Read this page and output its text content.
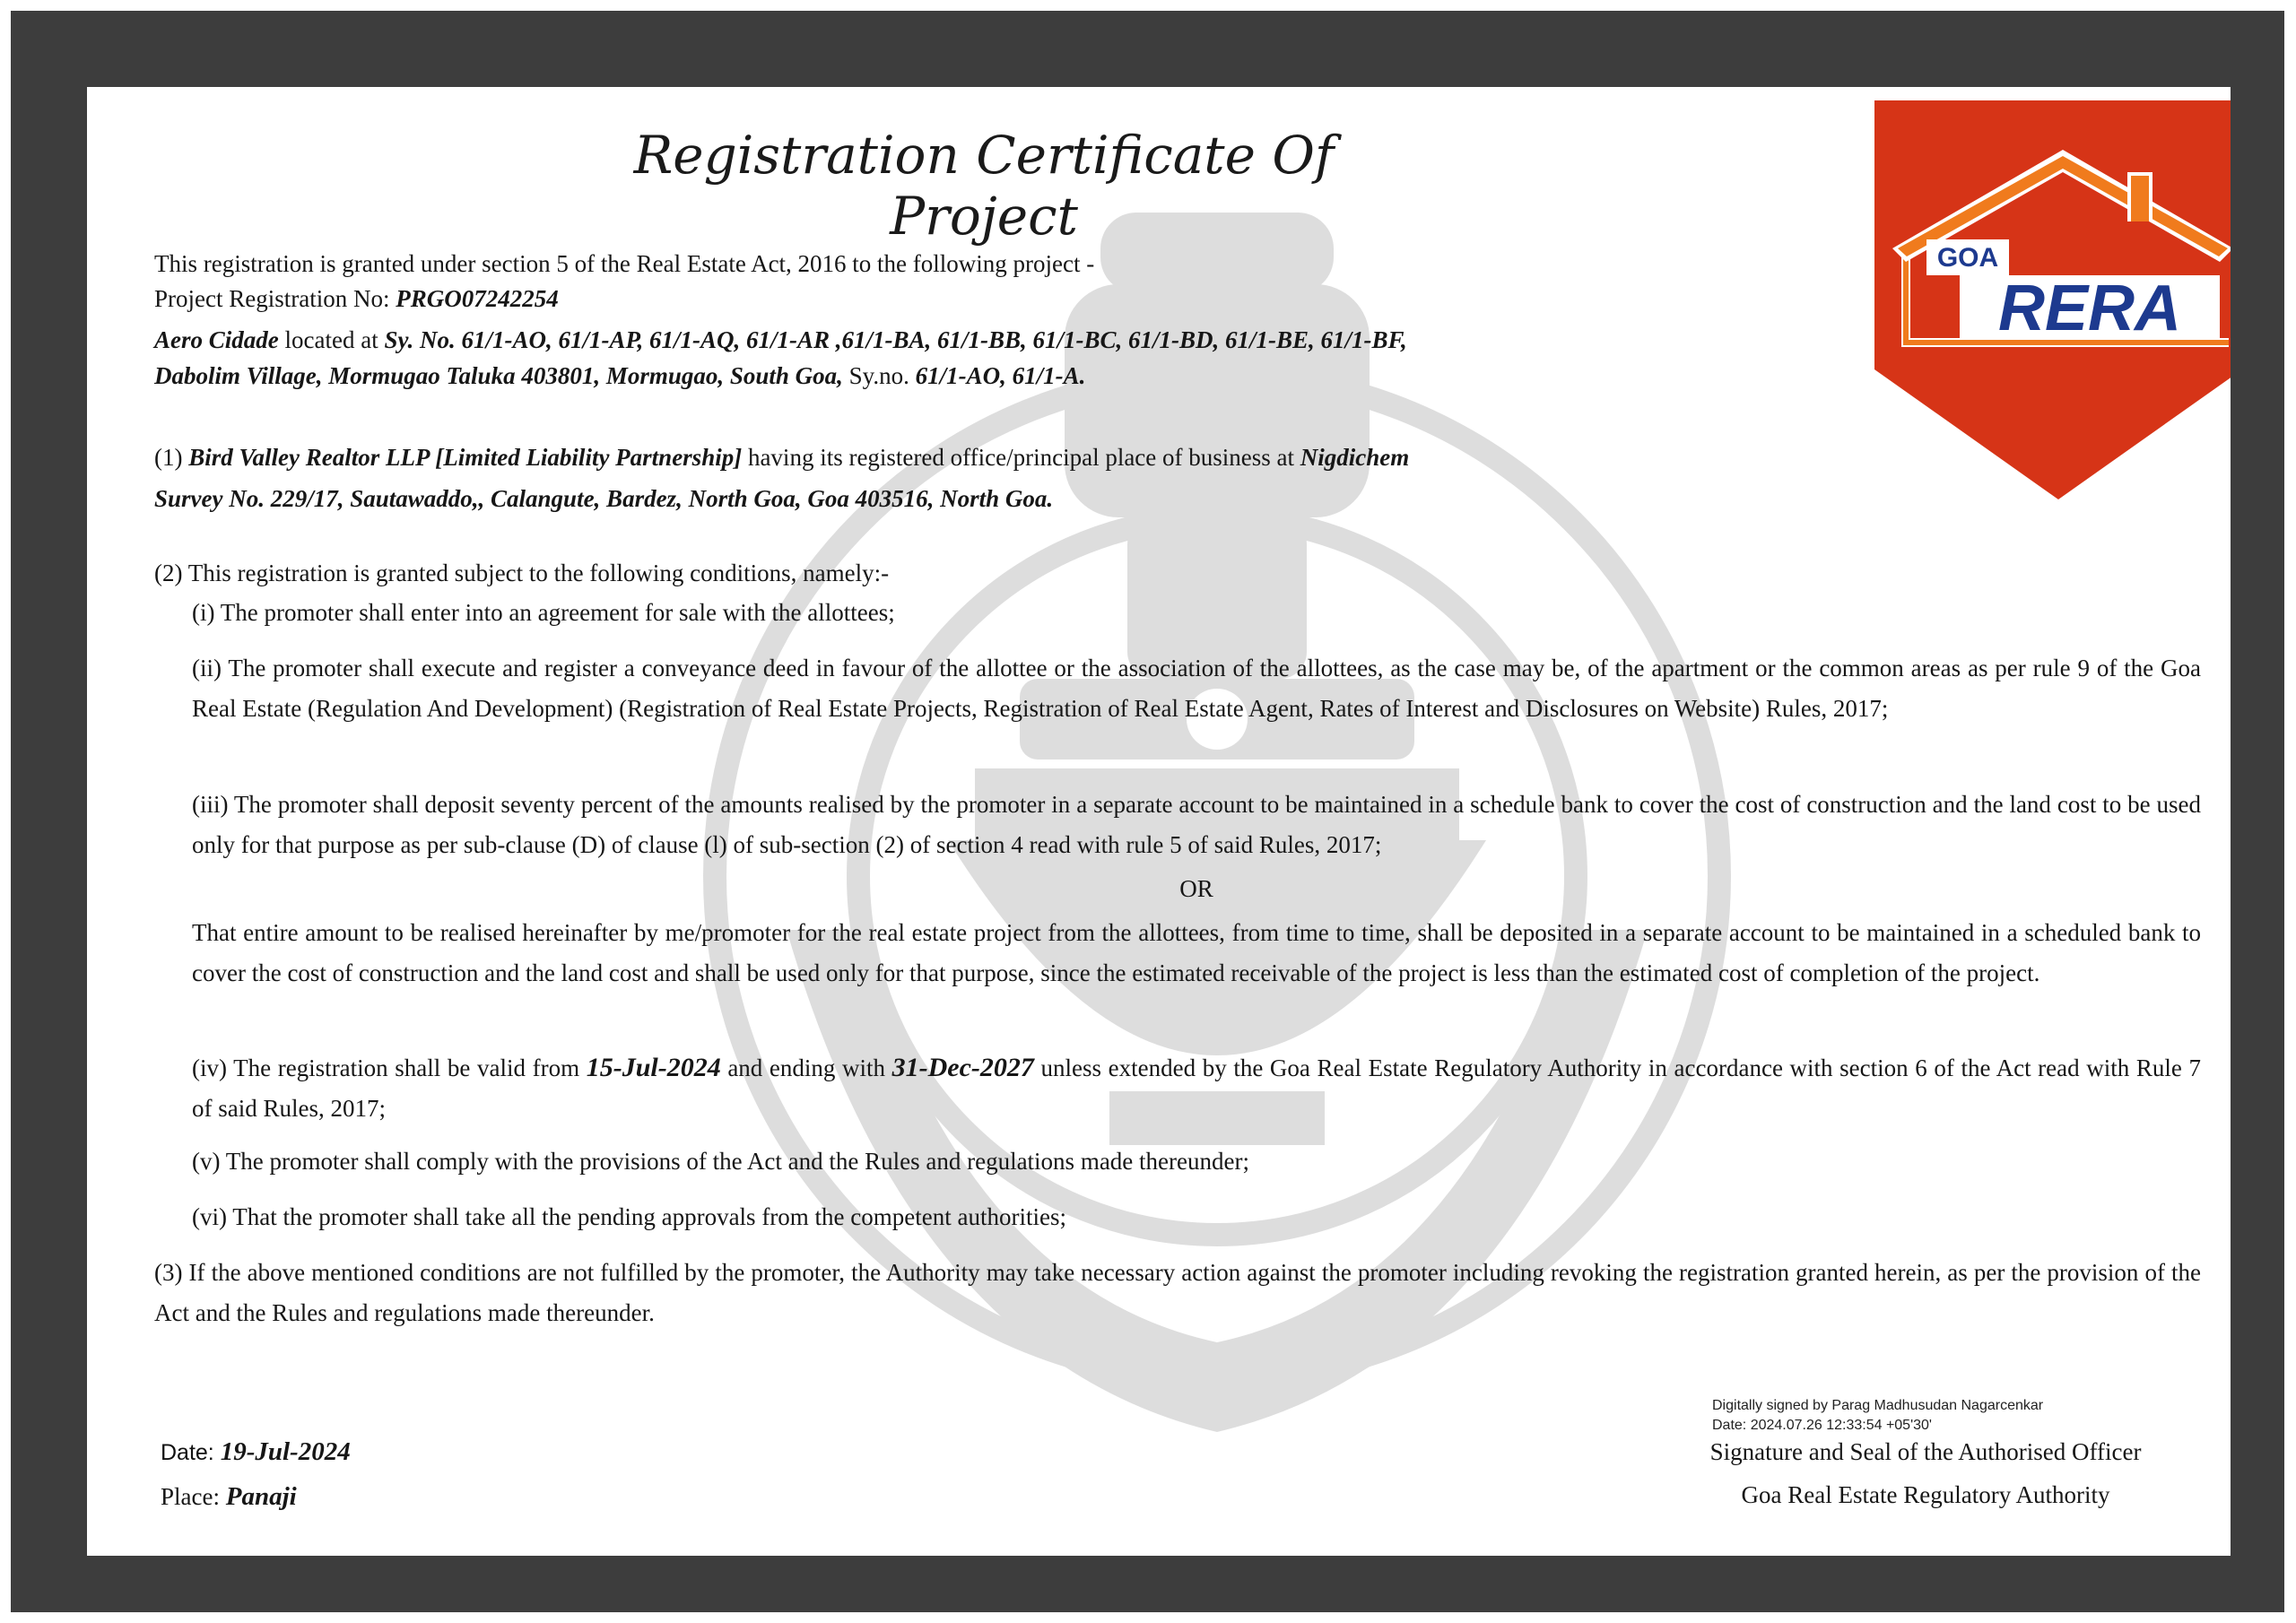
GOA
RERA
Registration Certificate Of Project
This registration is granted under section 5 of the Real Estate Act, 2016 to the following project -
Project Registration No: PRGO07242254
Aero Cidade located at Sy. No. 61/1-AO, 61/1-AP, 61/1-AQ, 61/1-AR ,61/1-BA, 61/1-BB, 61/1-BC, 61/1-BD, 61/1-BE, 61/1-BF,
Dabolim Village, Mormugao Taluka 403801, Mormugao, South Goa, Sy.no. 61/1-AO, 61/1-A.
(1) Bird Valley Realtor LLP [Limited Liability Partnership] having its registered office/principal place of business at Nigdichem
Survey No. 229/17, Sautawaddo,, Calangute, Bardez, North Goa, Goa 403516, North Goa.
(2) This registration is granted subject to the following conditions, namely:-
(i) The promoter shall enter into an agreement for sale with the allottees;
(ii) The promoter shall execute and register a conveyance deed in favour of the allottee or the association of the allottees, as the case may be, of the apartment or the common areas as per rule 9 of the Goa Real Estate (Regulation And Development) (Registration of Real Estate Projects, Registration of Real Estate Agent, Rates of Interest and Disclosures on Website) Rules, 2017;
(iii) The promoter shall deposit seventy percent of the amounts realised by the promoter in a separate account to be maintained in a schedule bank to cover the cost of construction and the land cost to be used only for that purpose as per sub-clause (D) of clause (l) of sub-section (2) of section 4 read with rule 5 of said Rules, 2017;
OR
That entire amount to be realised hereinafter by me/promoter for the real estate project from the allottees, from time to time, shall be deposited in a separate account to be maintained in a scheduled bank to cover the cost of construction and the land cost and shall be used only for that purpose, since the estimated receivable of the project is less than the estimated cost of completion of the project.
(iv) The registration shall be valid from 15-Jul-2024 and ending with 31-Dec-2027 unless extended by the Goa Real Estate Regulatory Authority in accordance with section 6 of the Act read with Rule 7 of said Rules, 2017;
(v) The promoter shall comply with the provisions of the Act and the Rules and regulations made thereunder;
(vi) That the promoter shall take all the pending approvals from the competent authorities;
(3) If the above mentioned conditions are not fulfilled by the promoter, the Authority may take necessary action against the promoter including revoking the registration granted herein, as per the provision of the Act and the Rules and regulations made thereunder.
Date: 19-Jul-2024
Place: Panaji
Digitally signed by Parag Madhusudan Nagarcenkar
Date: 2024.07.26 12:33:54 +05'30'
Signature and Seal of the Authorised Officer
Goa Real Estate Regulatory Authority
